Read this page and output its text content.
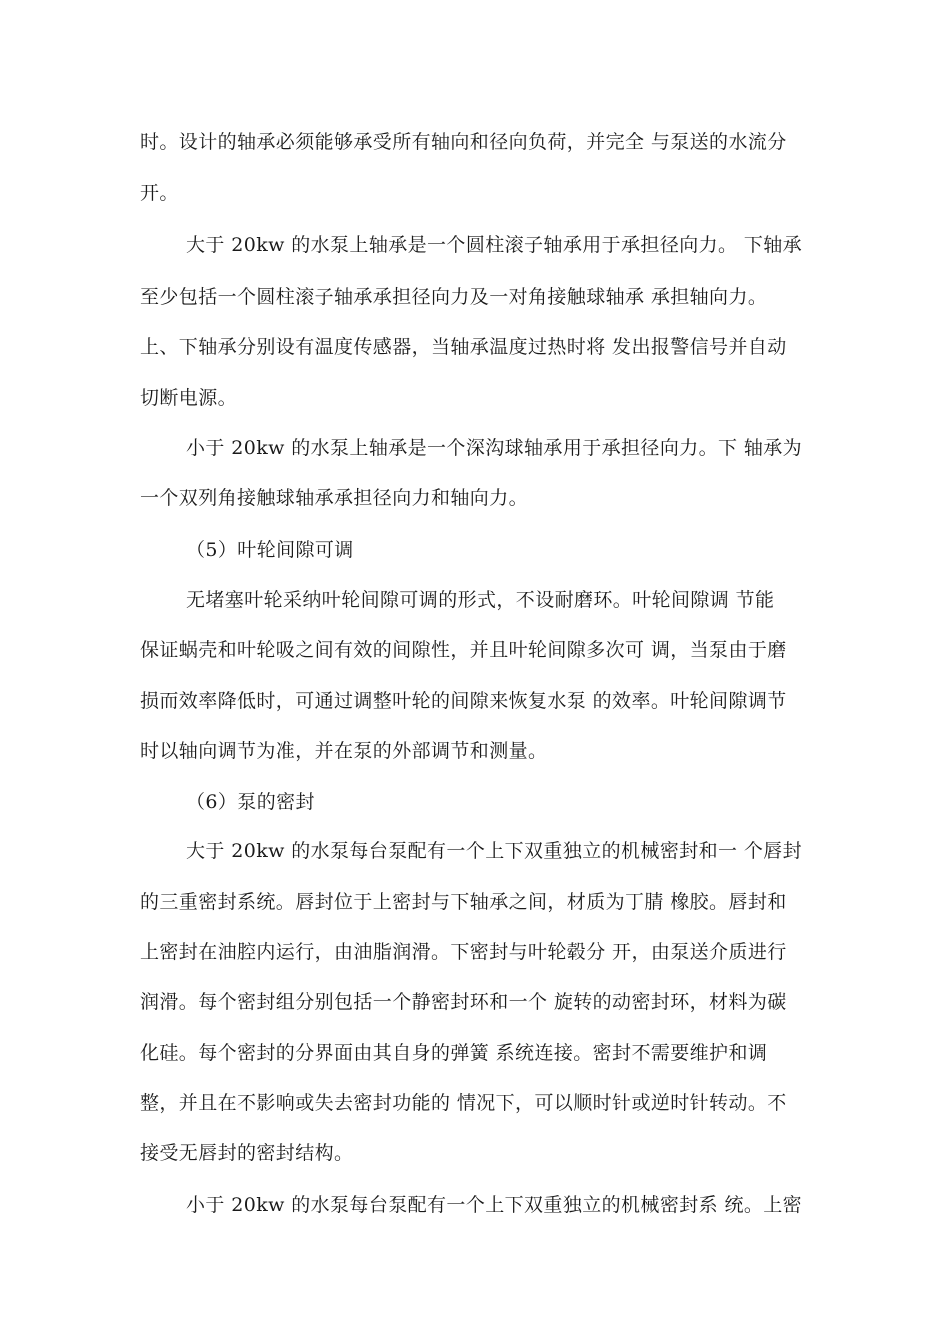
时。设计的轴承必须能够承受所有轴向和径向负荷，并完全 与泵送的水流分
开。
大于 20kw 的水泵上轴承是一个圆柱滚子轴承用于承担径向力。 下轴承
至少包括一个圆柱滚子轴承承担径向力及一对角接触球轴承 承担轴向力。
上、下轴承分别设有温度传感器，当轴承温度过热时将 发出报警信号并自动
切断电源。
小于 20kw 的水泵上轴承是一个深沟球轴承用于承担径向力。下 轴承为
一个双列角接触球轴承承担径向力和轴向力。
（5）叶轮间隙可调
无堵塞叶轮采纳叶轮间隙可调的形式，不设耐磨环。叶轮间隙调 节能
保证蜗壳和叶轮吸之间有效的间隙性，并且叶轮间隙多次可 调，当泵由于磨
损而效率降低时，可通过调整叶轮的间隙来恢复水泵 的效率。叶轮间隙调节
时以轴向调节为准，并在泵的外部调节和测量。
（6）泵的密封
大于 20kw 的水泵每台泵配有一个上下双重独立的机械密封和一 个唇封
的三重密封系统。唇封位于上密封与下轴承之间，材质为丁腈 橡胶。唇封和
上密封在油腔内运行，由油脂润滑。下密封与叶轮毂分 开，由泵送介质进行
润滑。每个密封组分别包括一个静密封环和一个 旋转的动密封环，材料为碳
化硅。每个密封的分界面由其自身的弹簧 系统连接。密封不需要维护和调
整，并且在不影响或失去密封功能的 情况下，可以顺时针或逆时针转动。不
接受无唇封的密封结构。
小于 20kw 的水泵每台泵配有一个上下双重独立的机械密封系 统。上密
